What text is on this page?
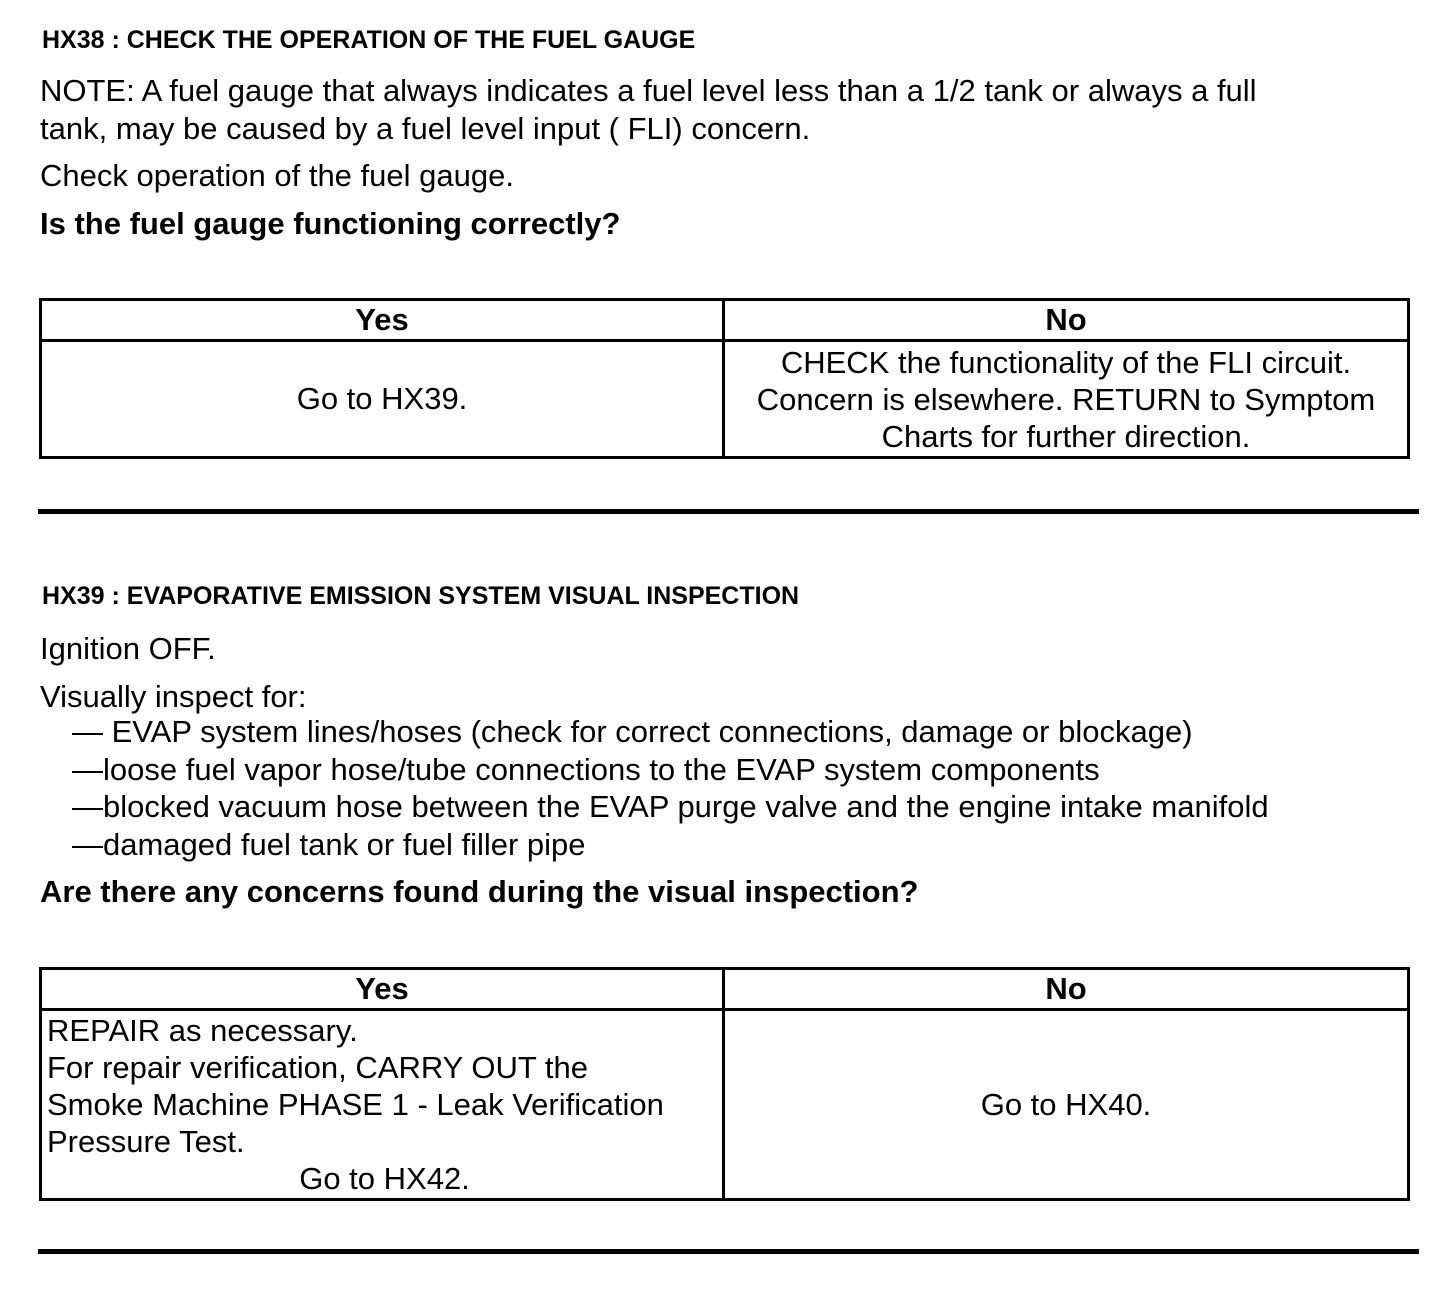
HX38 : CHECK THE OPERATION OF THE FUEL GAUGE
NOTE: A fuel gauge that always indicates a fuel level less than a 1/2 tank or always a full
tank, may be caused by a fuel level input ( FLI) concern.
Check operation of the fuel gauge.
Is the fuel gauge functioning correctly?
Yes	No
Go to HX39.	CHECK the functionality of the FLI circuit.
Concern is elsewhere. RETURN to Symptom
Charts for further direction.
HX39 : EVAPORATIVE EMISSION SYSTEM VISUAL INSPECTION
Ignition OFF.
Visually inspect for:
— EVAP system lines/hoses (check for correct connections, damage or blockage)
—loose fuel vapor hose/tube connections to the EVAP system components
—blocked vacuum hose between the EVAP purge valve and the engine intake manifold
—damaged fuel tank or fuel filler pipe
Are there any concerns found during the visual inspection?
Yes	No

REPAIR as necessary.
For repair verification, CARRY OUT the
Smoke Machine PHASE 1 - Leak Verification
Pressure Test.
Go to HX42.	Go to HX40.
